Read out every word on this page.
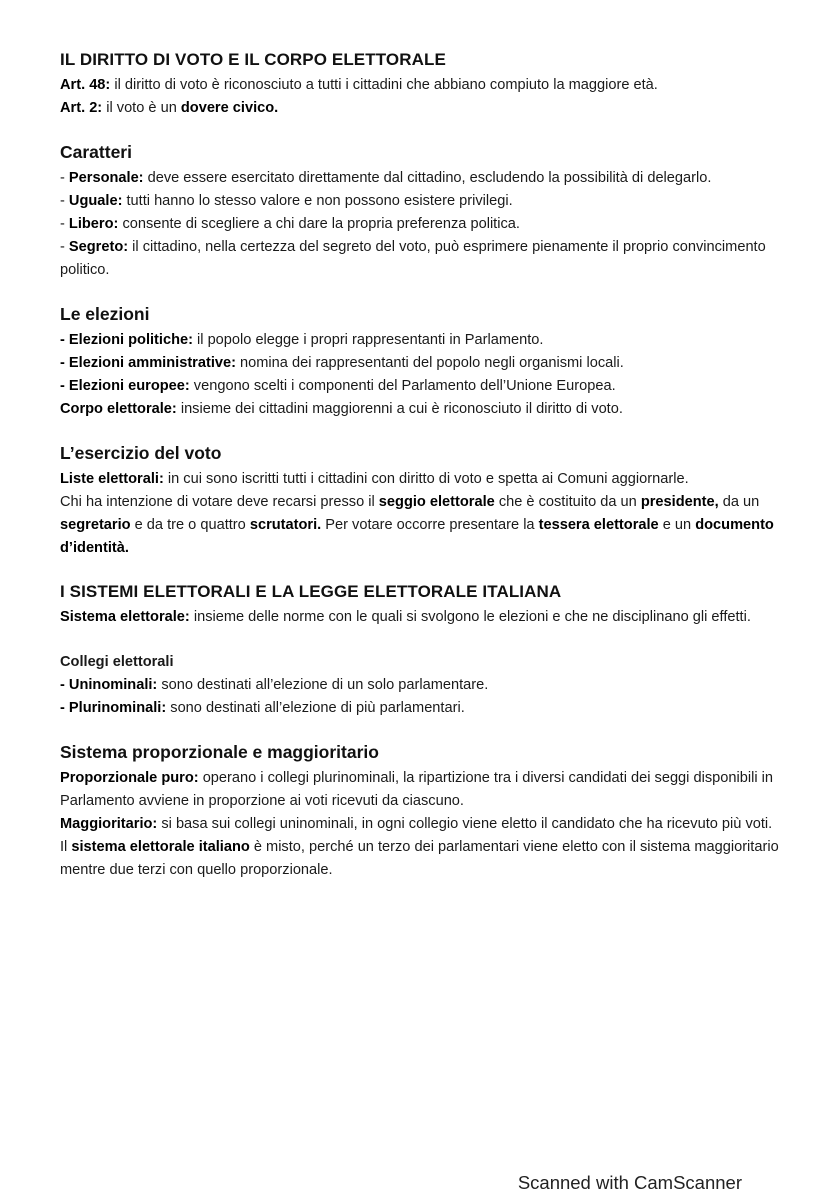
IL DIRITTO DI VOTO E IL CORPO ELETTORALE

Art. 48: il diritto di voto è riconosciuto a tutti i cittadini che abbiano compiuto la maggiore età.

Art. 2: il voto è un dovere civico.

Caratteri

- Personale: deve essere esercitato direttamente dal cittadino, escludendo la possibilità di delegarlo.

- Uguale: tutti hanno lo stesso valore e non possono esistere privilegi.

- Libero: consente di scegliere a chi dare la propria preferenza politica.

- Segreto: il cittadino, nella certezza del segreto del voto, può esprimere pienamente il proprio convincimento politico.

Le elezioni

- Elezioni politiche: il popolo elegge i propri rappresentanti in Parlamento.

- Elezioni amministrative: nomina dei rappresentanti del popolo negli organismi locali.

- Elezioni europee: vengono scelti i componenti del Parlamento dell’Unione Europea.

Corpo elettorale: insieme dei cittadini maggiorenni a cui è riconosciuto il diritto di voto.

L’esercizio del voto

Liste elettorali: in cui sono iscritti tutti i cittadini con diritto di voto e spetta ai Comuni aggiornarle.

Chi ha intenzione di votare deve recarsi presso il seggio elettorale che è costituito da un presidente, da un segretario e da tre o quattro scrutatori. Per votare occorre presentare la tessera elettorale e un documento d’identità.

I SISTEMI ELETTORALI E LA LEGGE ELETTORALE ITALIANA

Sistema elettorale: insieme delle norme con le quali si svolgono le elezioni e che ne disciplinano gli effetti.

Collegi elettorali

- Uninominali: sono destinati all’elezione di un solo parlamentare.

- Plurinominali: sono destinati all’elezione di più parlamentari.

Sistema proporzionale e maggioritario

Proporzionale puro: operano i collegi plurinominali, la ripartizione tra i diversi candidati dei seggi disponibili in Parlamento avviene in proporzione ai voti ricevuti da ciascuno.

Maggioritario: si basa sui collegi uninominali, in ogni collegio viene eletto il candidato che ha ricevuto più voti.

Il sistema elettorale italiano è misto, perché un terzo dei parlamentari viene eletto con il sistema maggioritario mentre due terzi con quello proporzionale.

Scanned with CamScanner
